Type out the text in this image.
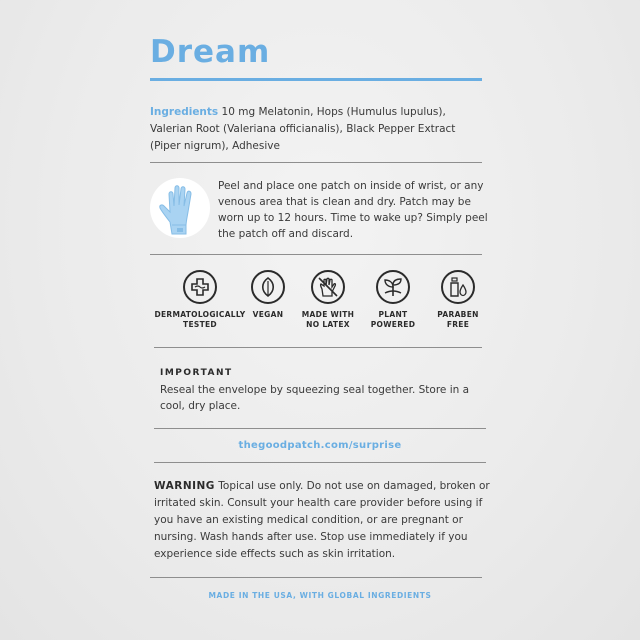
Dream
Ingredients 10 mg Melatonin, Hops (Humulus lupulus), Valerian Root (Valeriana officianalis), Black Pepper Extract (Piper nigrum), Adhesive
Peel and place one patch on inside of wrist, or any venous area that is clean and dry. Patch may be worn up to 12 hours. Time to wake up? Simply peel the patch off and discard.
DERMATOLOGICALLY
TESTED
VEGAN	MADE WITH
NO LATEX
PLANT
POWERED
PARABEN
FREE
IMPORTANT
Reseal the envelope by squeezing seal together. Store in a cool, dry place.
thegoodpatch.com/surprise
WARNING Topical use only. Do not use on damaged, broken or irritated skin. Consult your health care provider before using if you have an existing medical condition, or are pregnant or nursing. Wash hands after use. Stop use immediately if you experience side effects such as skin irritation.
MADE IN THE USA, WITH GLOBAL INGREDIENTS
